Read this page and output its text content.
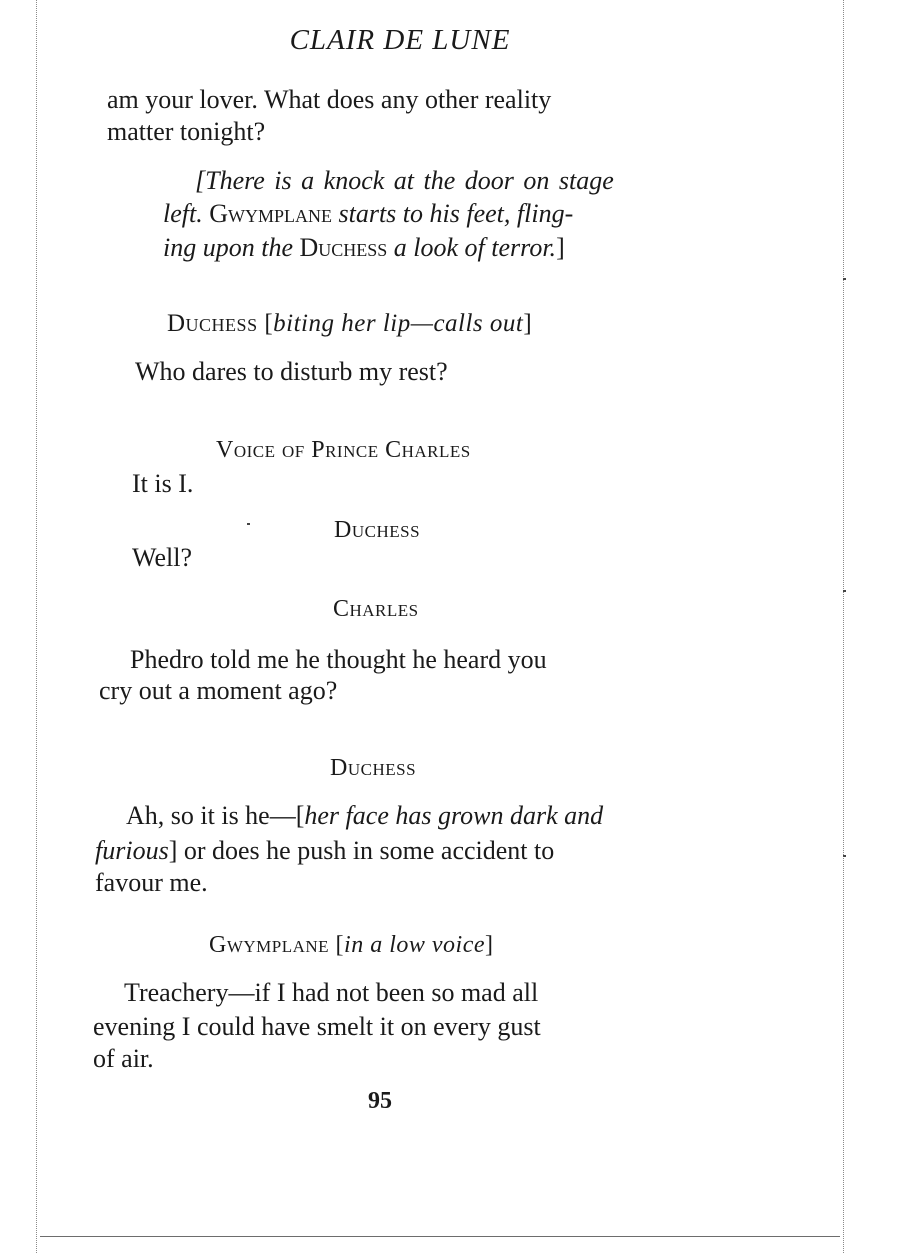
CLAIR DE LUNE
am your lover. What does any other reality
matter tonight?
[There is a knock at the door on stage
left. Gwymplane starts to his feet, fling-
ing upon the Duchess a look of terror.]
Duchess [biting her lip—calls out]
Who dares to disturb my rest?
Voice of Prince Charles
It is I.
Duchess
Well?
Charles
Phedro told me he thought he heard you
cry out a moment ago?
Duchess
Ah, so it is he—[her face has grown dark and
furious] or does he push in some accident to
favour me.
Gwymplane [in a low voice]
Treachery—if I had not been so mad all
evening I could have smelt it on every gust
of air.
95
